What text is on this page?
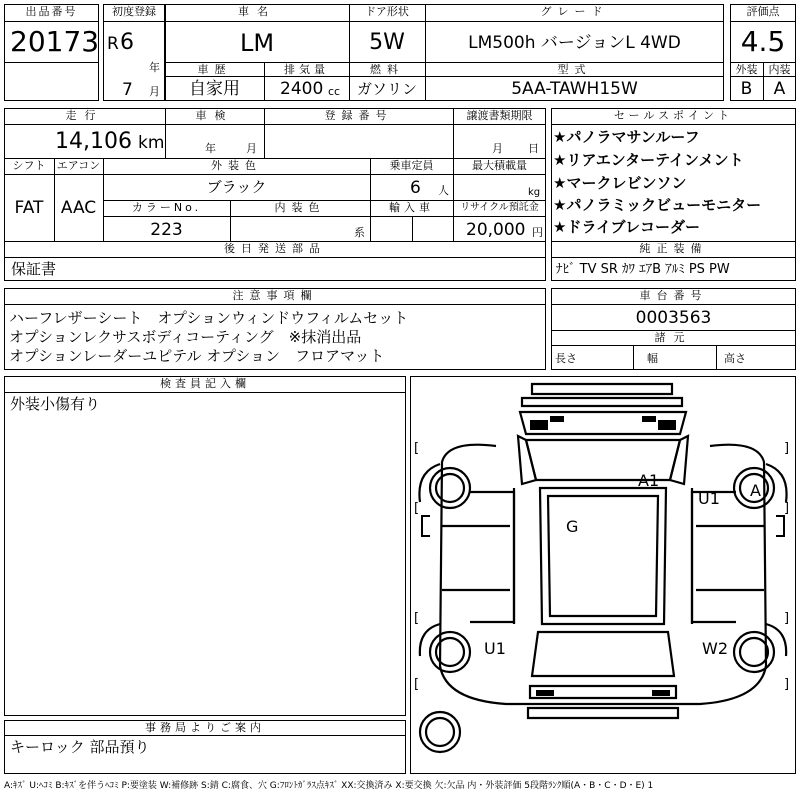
出品番号
20173
初度登録
R 6
年
7 月
車名
LM
ドア形状
5W
グレード
LM500h バージョンL 4WD
車歴
自家用
排気量
2400 cc
燃料
ガソリン
型式
5AA-TAWH15W
評価点
4.5
外装	内装
B	A
走行
14,106 km
車検
年	月
登録番号	譲渡書類期限
月 日
シフト	エアコン
FAT	AAC
外装色
ブラック
乗車定員
6 人
最大積載量
kg
カラーNo.
223
内装色
系
輸入車	リサイクル預託金
20,000 円
後日発送部品
保証書
セールスポイント
★パノラマサンルーフ
★リアエンターテインメント
★マークレビンソン
★パノラミックビューモニター
★ドライブレコーダー
純正装備
ﾅﾋﾞ TV SR ｶﾜ ｴｱB ｱﾙﾐ PS PW
注意事項欄
ハーフレザーシート　オプションウィンドウフィルムセット
オプションレクサスボディコーティング　※抹消出品
オプションレーダーユピテル オプション　フロアマット
車台番号
0003563
諸元
長さ	幅	高さ
検査員記入欄
外装小傷有り
事務局よりご案内
キーロック 部品預り
A1
U1 A
G
U1	W2
[	]
[	]
[	]
[	]
A:ｷｽﾞ U:ﾍｺﾐ B:ｷｽﾞを伴うﾍｺﾐ P:要塗装 W:補修跡 S:錆 C:腐食、穴 G:ﾌﾛﾝﾄｶﾞﾗｽ点ｷｽﾞ XX:交換済み X:要交換 欠:欠品 内・外装評価 5段階ﾗﾝｸ順(A・B・C・D・E) 1
